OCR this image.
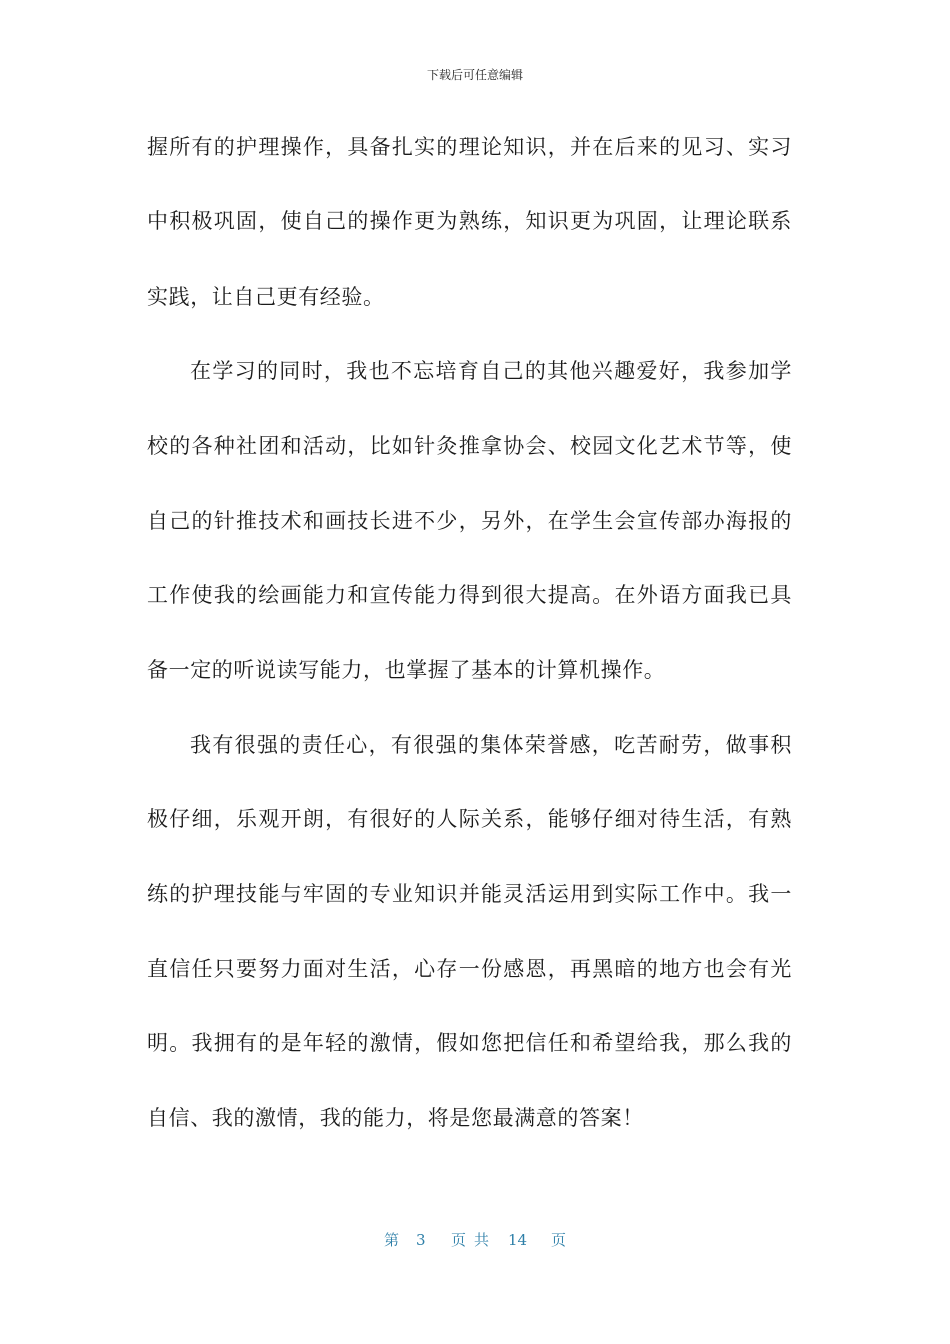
下载后可任意编辑
握所有的护理操作，具备扎实的理论知识，并在后来的见习、实习
中积极巩固，使自己的操作更为熟练，知识更为巩固，让理论联系
实践，让自己更有经验。
在学习的同时，我也不忘培育自己的其他兴趣爱好，我参加学
校的各种社团和活动，比如针灸推拿协会、校园文化艺术节等，使
自己的针推技术和画技长进不少，另外，在学生会宣传部办海报的
工作使我的绘画能力和宣传能力得到很大提高。在外语方面我已具
备一定的听说读写能力，也掌握了基本的计算机操作。
我有很强的责任心，有很强的集体荣誉感，吃苦耐劳，做事积
极仔细，乐观开朗，有很好的人际关系，能够仔细对待生活，有熟
练的护理技能与牢固的专业知识并能灵活运用到实际工作中。我一
直信任只要努力面对生活，心存一份感恩，再黑暗的地方也会有光
明。我拥有的是年轻的激情，假如您把信任和希望给我，那么我的
自信、我的激情，我的能力，将是您最满意的答案！
第 3 页共 14 页
